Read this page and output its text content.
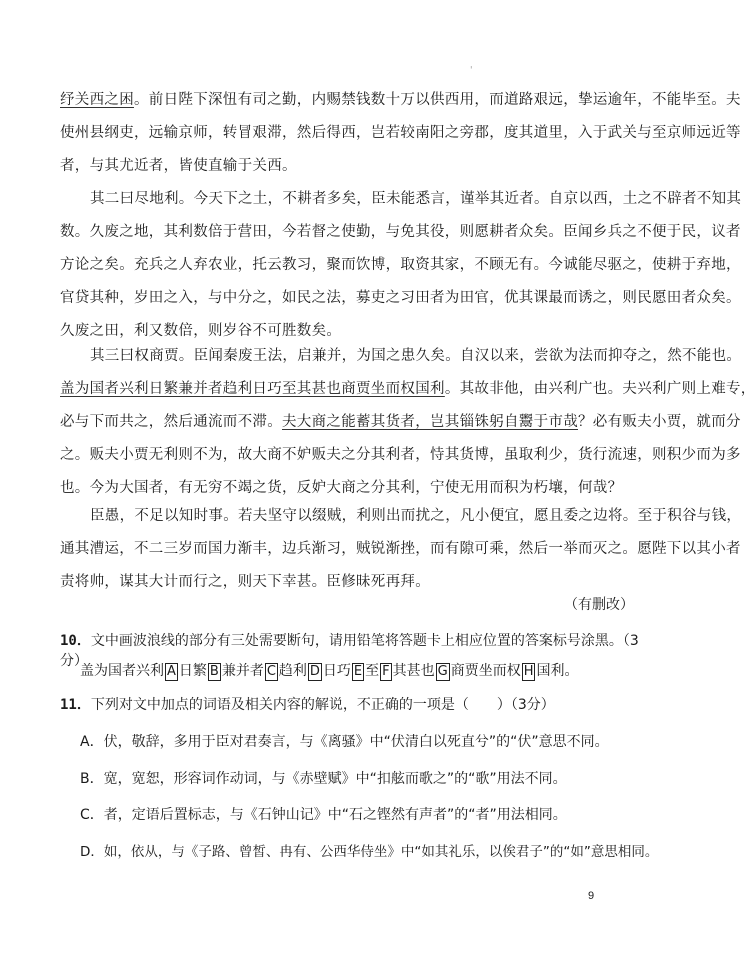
'
纾关西之困。前日陛下深忸有司之勤，内赐禁钱数十万以供西用，而道路艰远，挚运逾年，不能毕至。夫
使州县纲吏，远输京师，转冒艰滞，然后得西，岂若较南阳之旁郡，度其道里，入于武关与至京师远近等
者，与其尤近者，皆使直输于关西。
其二曰尽地利。今天下之土，不耕者多矣，臣未能悉言，谨举其近者。自京以西，土之不辟者不知其
数。久废之地，其利数倍于营田，今若督之使勤，与免其役，则愿耕者众矣。臣闻乡兵之不便于民，议者
方论之矣。充兵之人弃农业，托云教习，聚而饮博，取资其家，不顾无有。今诚能尽驱之，使耕于弃地，
官贷其种，岁田之入，与中分之，如民之法，募吏之习田者为田官，优其课最而诱之，则民愿田者众矣。
久废之田，利又数倍，则岁谷不可胜数矣。
其三曰权商贾。臣闻秦废王法，启兼并，为国之患久矣。自汉以来，尝欲为法而抑夺之，然不能也。
盖为国者兴利日繁兼并者趋利日巧至其甚也商贾坐而权国利。其故非他，由兴利广也。夫兴利广则上难专，
必与下而共之，然后通流而不滞。夫大商之能蓄其货者，岂其锱铢躬自鬻于市哉？必有贩夫小贾，就而分
之。贩夫小贾无利则不为，故大商不妒贩夫之分其利者，恃其货博，虽取利少，货行流速，则积少而为多
也。今为大国者，有无穷不竭之货，反妒大商之分其利，宁使无用而积为朽壤，何哉？
臣愚，不足以知时事。若夫坚守以缀贼，利则出而扰之，凡小便宜，愿且委之边将。至于积谷与钱，
通其漕运，不二三岁而国力渐丰，边兵渐习，贼锐渐挫，而有隙可乘，然后一举而灭之。愿陛下以其小者
责将帅，谋其大计而行之，则天下幸甚。臣修昧死再拜。
（有删改）
10．文中画波浪线的部分有三处需要断句，请用铅笔将答题卡上相应位置的答案标号涂黑。（3分）
盖为国者兴利 A 日繁 B 兼并者 C 趋利 D 日巧 E 至 F 其甚也 G 商贾坐而权 H 国利。
11．下列对文中加点的词语及相关内容的解说，不正确的一项是（　　）（3分）
A．伏，敬辞，多用于臣对君奏言，与《离骚》中“伏清白以死直兮”的“伏”意思不同。
B．宽，宽恕，形容词作动词，与《赤壁赋》中“扣舷而歌之”的“歌”用法不同。
C．者，定语后置标志，与《石钟山记》中“石之铿然有声者”的“者”用法相同。
D．如，依从，与《子路、曾皙、冉有、公西华侍坐》中“如其礼乐，以俟君子”的“如”意思相同。
9
